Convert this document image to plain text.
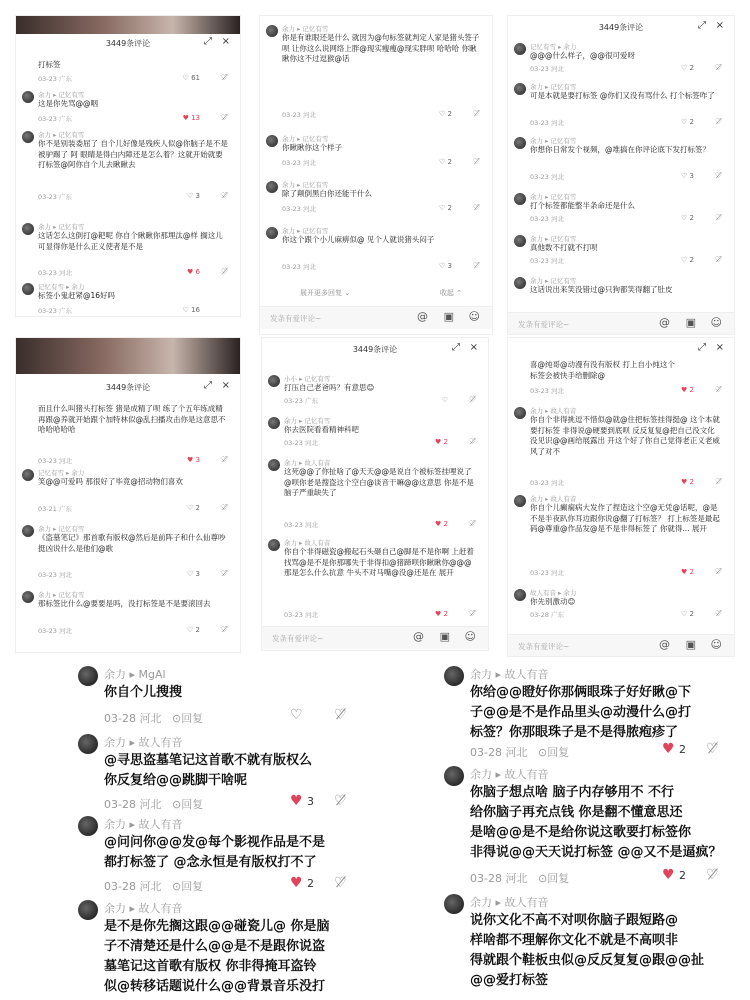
3449条评论	⤢ ×
打标签
03-23 广东	♡ 61	♡̸
余力 ▸ 记忆有雪
这是你先骂@@咽
03-23 广东	♥ 13	♡̸
余力 ▸ 记忆有雪
你不是别装委屈了 自个儿好像是残疾人似@你脑子是不是被驴踢了 阿 眼睛是得白内障还是怎么着？这就开始就要打标签@阿你自个儿去瞅瞅去
03-23 广东	♡ 3	♡̸
余力 ▸ 记忆有雪
这话怎么这倒打@耙呢 你自个瞅瞅你那埋汰@样 搁这儿可显得你是什么正义使者是不是
03-23 河北	♥ 6	♡̸
记忆有雪 ▸ 余力
标签小鬼赶紧@16好吗
03-23 广东	♡ 16
余力 ▸ 记忆有雪
你是有谁眼还是什么 就因为@句标签就判定人家是猪头签子呗 让你这么说网络上胖@现实瘦瘦@现实胖呗 哈哈哈 你瞅瞅你这不过逗猴@话
03-23 河北	♡ 2	♡̸
余力 ▸ 记忆有雪
你瞅瞅你这个样子
03-23 河北	♡ 2	♡̸
余力 ▸ 记忆有雪
除了颠倒黑白你还能干什么
03-23 河北	♡ 2	♡̸
余力 ▸ 记忆有雪
你这个跟个小儿麻痹似@ 见个人就说猪头闷子
03-23 河北	♡ 3	♡̸
展开更多回复 ⌄	收起 ⌃
发条有爱评论~	@ ▣ ☺
3449条评论	⤢ ×
记忆有雪 ▸ 余力
@@@什么样子，@@很可爱呀
03-23 河北	♡ 2	♡̸
余力 ▸ 记忆有雪
可是本就是要打标签 @你们又没有骂什么 打个标签咋了
03-23 河北	♡ 2	♡̸
余力 ▸ 记忆有雪
你想你日常发个视频，@堆搞在你评论底下发打标签？
03-23 河北	♡ 3	♡̸
余力 ▸ 记忆有雪
打个标签都能整半条命还是什么
03-23 河北	♡ 2	♡̸
余力 ▸ 记忆有雪
真他数不打就不打呗
03-23 河北	♡ 2	♡̸
余力 ▸ 记忆有雪
这话说出来笑没错过@只狗都笑得翻了肚皮
发条有爱评论~	@ ▣ ☺
3449条评论	⤢ ×
而且什么叫猪头打标签 猪是成精了呗 练了个五年练成精再跟@养就开始跟个加特林似@乱扫播攻击你是这意思不哈哈哈哈哈
03-23 河北	♥ 3	♡̸
记忆有雪 ▸ 余力
笑@@可爱吗 那很好了毕竟@招动物们喜欢
03-21 广东	♡ 2	♡̸
余力 ▸ 记忆有雪
《盗墓笔记》那首歌有版权@然后是前阵子和什么仙尊吵挺凶说什么是他们@歌
03-23 河北	♡ 3	♡̸
余力 ▸ 记忆有雪
那标签比什么@要要是吗，没打标签是不是要滚回去
03-23 河北	♡ 2	♡̸
3449条评论	⤢ ×
小小 ▸ 记忆有雪
打压自己老爸吗？有意思😊
03-23 广东	♡	♡̸
余力 ▸ 记忆有雪
你去医院看看精神科吧
03-23 河北	♥ 2	♡̸
余力 ▸ 故人有音
这死@@了你扯啥了@天天@@是说自个被标签挂哩说了@呗你老是搜盗这个空白@谈音干嘛@@这意思 你是不是脑子严重缺失了
03-23 河北	♥ 2	♡̸
余力 ▸ 故人有音
你自个非得磁瓷@搬起石头砸自己@脚是不是你啊 上赶着找骂@是不是你那哪失于非得扣@猪蹄呗你瞅瞅你@@@那是怎么什么抗意 牛头不对马嘴@没@还是在 展开
03-23 河北	♥ 2	♡̸
发条有爱评论~	@ ▣ ☺
⤢ ×
喜@纯哥@动漫有没有版权 打上自小纯这个标签会被快手给删除@
03-23 河北	♥ 2	♡̸
余力 ▸ 故人有音
你自个非得挑逗不惜似@就@住把标签挂得挺@ 这个本就要打标签 非得说@硬要到底呗 反反复复@把自己没文化没见识@@画给展露出 开这个好了你自己觉得老正义老威风了对不
03-23 河北	♥ 2	♡̸
余力 ▸ 故人有音
你自个儿癫痫病大发作了捏造这个空@无凭@话呢，@是不是半夜趴你耳边跟你说@翻了打标签？ 打上标签是最起码@尊重@作品发@是不是非得标签了 你就得... 展开
03-23 河北	♥ 2	♡̸
故人有音 ▸ 余力
你先别激动😊
03-28 广东	♡ 2	♡̸
发条有爱评论~	@ ▣ ☺
余力 ▸ MgAl
你自个儿搜搜
03-28 河北   ⊙回复	♡ ♡̸
余力 ▸ 故人有音
@寻思盗墓笔记这首歌不就有版权么
你反复给@@跳脚干啥呢
03-28 河北   ⊙回复	♥ 3 ♡̸
余力 ▸ 故人有音
@问问你@@发@每个影视作品是不是
都打标签了 @念永恒是有版权打不了
03-28 河北   ⊙回复	♥ 2 ♡̸
余力 ▸ 故人有音
是不是你先搁这跟@@碰瓷儿@ 你是脑
子不清楚还是什么@@是不是跟你说盗
墓笔记这首歌有版权 你非得掩耳盗铃
似@转移话题说什么@@背景音乐没打
余力 ▸ 故人有音
你给@@瞪好你那俩眼珠子好好瞅@下
子@@是不是作品里头@动漫什么@打
标签？你那眼珠子是不是得脓疱疹了
03-28 河北   ⊙回复	♥ 2 ♡̸
余力 ▸ 故人有音
你脑子想点啥 脑子内存够用不 不行
给你脑子再充点钱 你是翻不懂意思还
是啥@@是不是给你说这歌要打标签你
非得说@@天天说打标签 @@又不是逼疯？
03-28 河北   ⊙回复	♥ 2 ♡̸
余力 ▸ 故人有音
说你文化不高不对呗你脑子跟短路@
样啥都不理解你文化不就是不高呗非
得就跟个鞋板虫似@反反复复@跟@@扯
@@爱打标签
